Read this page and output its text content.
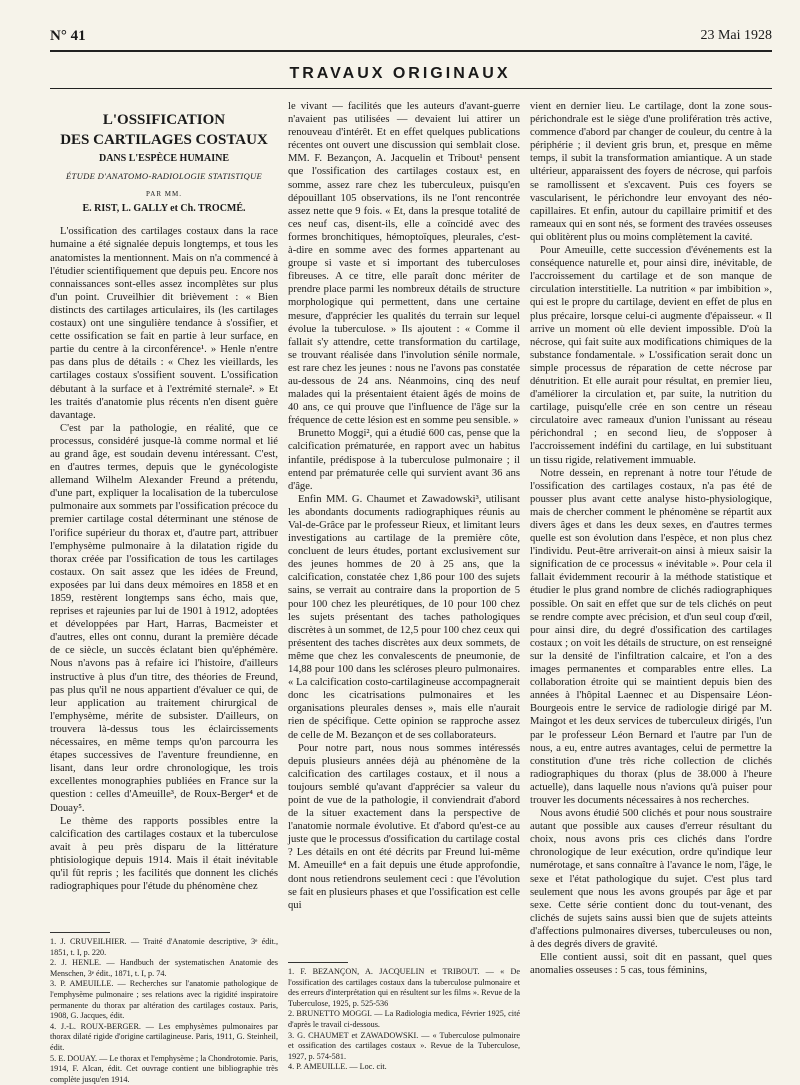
N° 41	23 Mai 1928
TRAVAUX ORIGINAUX
L'OSSIFICATION
DES CARTILAGES COSTAUX
DANS L'ESPÈCE HUMAINE
ÉTUDE D'ANATOMO-RADIOLOGIE STATISTIQUE
PAR MM.
E. RIST, L. GALLY et Ch. TROCMÉ.

L'ossification des cartilages costaux dans la race humaine a été signalée depuis longtemps, et tous les anatomistes la mentionnent. Mais on n'a commencé à l'étudier scientifiquement que depuis peu. Encore nos connaissances sont-elles assez incomplètes sur plus d'un point. Cruveilhier dit brièvement : « Bien distincts des cartilages articulaires, ils (les cartilages costaux) ont une singulière tendance à s'ossifier, et cette ossification se fait en partie à leur surface, en partie du centre à la circonférence¹. » Henle n'entre pas dans plus de détails : « Chez les vieillards, les cartilages costaux s'ossifient souvent. L'ossification débutant à la surface et à l'extrémité sternale². » Et les traités d'anatomie plus récents n'en disent guère davantage.

C'est par la pathologie, en réalité, que ce processus, considéré jusque-là comme normal et lié au grand âge, est soudain devenu intéressant. C'est, en d'autres termes, depuis que le gynécologiste allemand Wilhelm Alexander Freund a prétendu, d'une part, expliquer la localisation de la tuberculose pulmonaire aux sommets par l'ossification précoce du premier cartilage costal déterminant une sténose de l'orifice supérieur du thorax et, d'autre part, attribuer l'emphysème pulmonaire à la dilatation rigide du thorax créée par l'ossification de tous les cartilages costaux. On sait assez que les idées de Freund, exposées par lui dans deux mémoires en 1858 et en 1859, restèrent longtemps sans écho, mais que, reprises et rajeunies par lui de 1901 à 1912, adoptées et développées par Hart, Harras, Bacmeister et d'autres, elles ont connu, durant la première décade de ce siècle, un succès éclatant bien qu'éphémère. Nous n'avons pas à refaire ici l'histoire, d'ailleurs instructive à plus d'un titre, des théories de Freund, pas plus qu'il ne nous appartient d'évaluer ce qui, de leur application au traitement chirurgical de l'emphysème, mérite de subsister. D'ailleurs, on trouvera là-dessus tous les éclaircissements nécessaires, en même temps qu'on parcourra les étapes successives de l'aventure freundienne, en lisant, dans leur ordre chronologique, les trois excellentes monographies publiées en France sur la question : celles d'Ameuille³, de Roux-Berger⁴ et de Douay⁵.

Le thème des rapports possibles entre la calcification des cartilages costaux et la tuberculose avait à peu près disparu de la littérature phtisiologique depuis 1914. Mais il était inévitable qu'il fût repris ; les facilités que donnent les clichés radiographiques pour l'étude du phénomène chez

le vivant — facilités que les auteurs d'avant-guerre n'avaient pas utilisées — devaient lui attirer un renouveau d'intérêt. Et en effet quelques publications récentes ont ouvert une discussion qui semblait close. MM. F. Bezançon, A. Jacquelin et Tribout¹ pensent que l'ossification des cartilages costaux est, en somme, assez rare chez les tuberculeux, puisqu'en dépouillant 105 observations, ils ne l'ont rencontrée assez nette que 9 fois. « Et, dans la presque totalité de ces neuf cas, disent-ils, elle a coïncidé avec des formes bronchitiques, hémoptoïques, pleurales, c'est-à-dire en somme avec des formes appartenant au groupe si vaste et si important des tuberculoses fibreuses. A ce titre, elle paraît donc mériter de prendre place parmi les nombreux détails de structure morphologique qui permettent, dans une certaine mesure, d'apprécier les qualités du terrain sur lequel évolue la tuberculose. » Ils ajoutent : « Comme il fallait s'y attendre, cette transformation du cartilage, se trouvant réalisée dans l'involution sénile normale, est rare chez les jeunes : nous ne l'avons pas constatée au-dessous de 24 ans. Néanmoins, cinq des neuf malades qui la présentaient étaient âgés de moins de 40 ans, ce qui prouve que l'influence de l'âge sur la fréquence de cette lésion est en somme peu sensible. »

Brunetto Moggi², qui a étudié 600 cas, pense que la calcification prématurée, en rapport avec un habitus infantile, prédispose à la tuberculose pulmonaire ; il entend par prématurée celle qui survient avant 36 ans d'âge.

Enfin MM. G. Chaumet et Zawadowski³, utilisant les abondants documents radiographiques réunis au Val-de-Grâce par le professeur Rieux, et limitant leurs investigations au cartilage de la première côte, concluent de leurs études, portant exclusivement sur des jeunes hommes de 20 à 25 ans, que la calcification, constatée chez 1,86 pour 100 des sujets sains, se verrait au contraire dans la proportion de 5 pour 100 chez les pleurétiques, de 10 pour 100 chez les sujets présentant des taches pathologiques discrètes à un sommet, de 12,5 pour 100 chez ceux qui présentent des taches discrètes aux deux sommets, de même que chez les convalescents de pneumonie, de 14,88 pour 100 dans les scléroses pleuro pulmonaires. « La calcification costo-cartilagineuse accompagnerait donc les cicatrisations pulmonaires et les organisations pleurales denses », mais elle n'aurait rien de spécifique. Cette opinion se rapproche assez de celle de M. Bezançon et de ses collaborateurs.

Pour notre part, nous nous sommes intéressés depuis plusieurs années déjà au phénomène de la calcification des cartilages costaux, et il nous a toujours semblé qu'avant d'apprécier sa valeur du point de vue de la pathologie, il conviendrait d'abord de la situer exactement dans la perspective de l'anatomie normale évolutive. Et d'abord qu'est-ce au juste que le processus d'ossification du cartilage costal ? Les détails en ont été décrits par Freund lui-même M. Ameuille⁴ en a fait depuis une étude approfondie, dont nous retiendrons seulement ceci : que l'évolution se fait en plusieurs phases et que l'ossification est celle qui

vient en dernier lieu. Le cartilage, dont la zone sous-périchondrale est le siège d'une prolifération très active, commence d'abord par changer de couleur, du centre à la périphérie ; il devient gris brun, et, presque en même temps, il subit la transformation amiantique. A un stade ultérieur, apparaissent des foyers de nécrose, qui parfois se ramollissent et s'excavent. Puis ces foyers se vascularisent, le périchondre leur envoyant des néo-capillaires. Et enfin, autour du capillaire primitif et des rameaux qui en sont nés, se forment des travées osseuses qui oblitèrent plus ou moins complètement la cavité.

Pour Ameuille, cette succession d'événements est la conséquence naturelle et, pour ainsi dire, inévitable, de l'accroissement du cartilage et de son manque de circulation interstitielle. La nutrition « par imbibition », qui est le propre du cartilage, devient en effet de plus en plus précaire, lorsque celui-ci augmente d'épaisseur. « Il arrive un moment où elle devient impossible. D'où la nécrose, qui fait suite aux modifications chimiques de la substance fondamentale. » L'ossification serait donc un simple processus de réparation de cette nécrose par dénutrition. Et elle aurait pour résultat, en premier lieu, d'améliorer la circulation et, par suite, la nutrition du cartilage, puisqu'elle crée en son centre un réseau circulatoire avec rameaux d'union l'unissant au réseau périchondral ; en second lieu, de s'opposer à l'accroissement indéfini du cartilage, en lui substituant un tissu rigide, relativement immuable.

Notre dessein, en reprenant à notre tour l'étude de l'ossification des cartilages costaux, n'a pas été de pousser plus avant cette analyse histo-physiologique, mais de chercher comment le phénomène se répartit aux divers âges et dans les deux sexes, en d'autres termes quelle est son évolution dans l'espèce, et non plus chez l'individu. Peut-être arriverait-on ainsi à mieux saisir la signification de ce processus « inévitable ». Pour cela il fallait évidemment recourir à la méthode statistique et étudier le plus grand nombre de clichés radiographiques possible. On sait en effet que sur de tels clichés on peut se rendre compte avec précision, et d'un seul coup d'œil, pour ainsi dire, du degré d'ossification des cartilages costaux ; on voit les détails de structure, on est renseigné sur la densité de l'infiltration calcaire, et l'on a des images permanentes et comparables entre elles. La collaboration étroite qui se maintient depuis bien des années à l'hôpital Laennec et au Dispensaire Léon-Bourgeois entre le service de radiologie dirigé par M. Maingot et les deux services de tuberculeux dirigés, l'un par le professeur Léon Bernard et l'autre par l'un de nous, a eu, entre autres avantages, celui de permettre la constitution d'une très riche collection de clichés radiographiques du thorax (plus de 38.000 à l'heure actuelle), dans laquelle nous n'avions qu'à puiser pour trouver les documents nécessaires à nos recherches.

Nous avons étudié 500 clichés et pour nous soustraire autant que possible aux causes d'erreur résultant du choix, nous avons pris ces clichés dans l'ordre chronologique de leur exécution, ordre qu'indique leur numérotage, et sans connaître à l'avance le nom, l'âge, le sexe et l'état pathologique du sujet. C'est plus tard seulement que nous les avons groupés par âge et par sexe. Cette série contient donc du tout-venant, des clichés de sujets sains aussi bien que de sujets atteints d'affections pulmonaires diverses, tuberculeuses ou non, à des degrés divers de gravité.

Elle contient aussi, soit dit en passant, quel ques anomalies osseuses : 5 cas, tous féminins,

1. J. CRUVEILHIER. — Traité d'Anatomie descriptive, 3ᵉ édit., 1851, t. I, p. 220.
2. J. HENLE. — Handbuch der systematischen Anatomie des Menschen, 3ᵉ édit., 1871, t. I, p. 74.
3. P. AMEUILLE. — Recherches sur l'anatomie pathologique de l'emphysème pulmonaire ; ses relations avec la rigidité inspiratoire permanente du thorax par altération des cartilages costaux. Paris, 1908, G. Jacques, édit.
4. J.-L. ROUX-BERGER. — Les emphysèmes pulmonaires par thorax dilaté rigide d'origine cartilagineuse. Paris, 1911, G. Steinheil, édit.
5. E. DOUAY. — Le thorax et l'emphysème ; la Chondrotomie. Paris, 1914, F. Alcan, édit. Cet ouvrage contient une bibliographie très complète jusqu'en 1914.
1. F. BEZANÇON, A. JACQUELIN et TRIBOUT. — « De l'ossification des cartilages costaux dans la tuberculose pulmonaire et des erreurs d'interprétation qui en résultent sur les films ». Revue de la Tuberculose, 1925, p. 525-536
2. BRUNETTO MOGGI. — La Radiologia medica, Février 1925, cité d'après le travail ci-dessous.
3. G. CHAUMET et ZAWADOWSKI. — « Tuberculose pulmonaire et ossification des cartilages costaux ». Revue de la Tuberculose, 1927, p. 574-581.
4. P. AMEUILLE. — Loc. cit.
